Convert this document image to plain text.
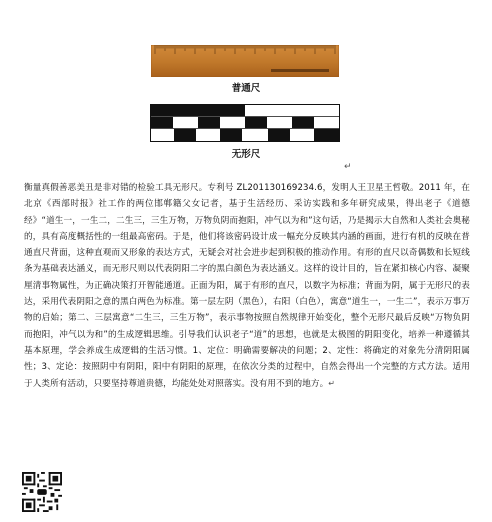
普通尺
无形尺
↵
衡量真假善恶美丑是非对错的检验工具无形尺。专利号 ZL201130169234.6，发明人王卫星王哲敬。2011 年，在北京《西部时报》社工作的两位邯郸籍父女记者，基于生活经历、采访实践和多年研究成果，得出老子《道德经》“道生一，一生二，二生三，三生万物，万物负阴而抱阳，冲气以为和”这句话，乃是揭示大自然和人类社会奥秘的，具有高度概括性的一组最高密码。于是，他们将该密码设计成一幅充分反映其内涵的画面，进行有机的反映在普通直尺背面，这种直观而又形象的表达方式，无疑会对社会进步起到积极的推动作用。有形的直尺以奇偶数和长短线条为基础表达涵义，而无形尺则以代表阴阳二字的黑白颜色为表达涵义。这样的设计目的，旨在紧扣核心内容、凝聚厘清事物属性，为正确决策打开智能通道。正面为阳，属于有形的直尺，以数字为标准；背面为阴，属于无形尺的表达，采用代表阴阳之意的黑白两色为标准。第一层左阴（黑色），右阳（白色），寓意“道生一，一生二”，表示万事万物的启始；第二、三层寓意“二生三，三生万物”，表示事物按照自然规律开始变化，整个无形尺最后反映“万物负阴而抱阳，冲气以为和”的生成逻辑思维。引导我们认识老子“道”的思想，也就是太极图的阴阳变化，培养一种遵循其基本原理，学会养成生成逻辑的生活习惯。1、定位：明确需要解决的问题；2、定性：将确定的对象先分清阴阳属性；3、定论：按照阴中有阴阳，阳中有阴阳的原理，在依次分类的过程中，自然会得出一个完整的方式方法。适用于人类所有活动，只要坚持尊道贵德，均能处处对照落实。没有用不到的地方。↵
